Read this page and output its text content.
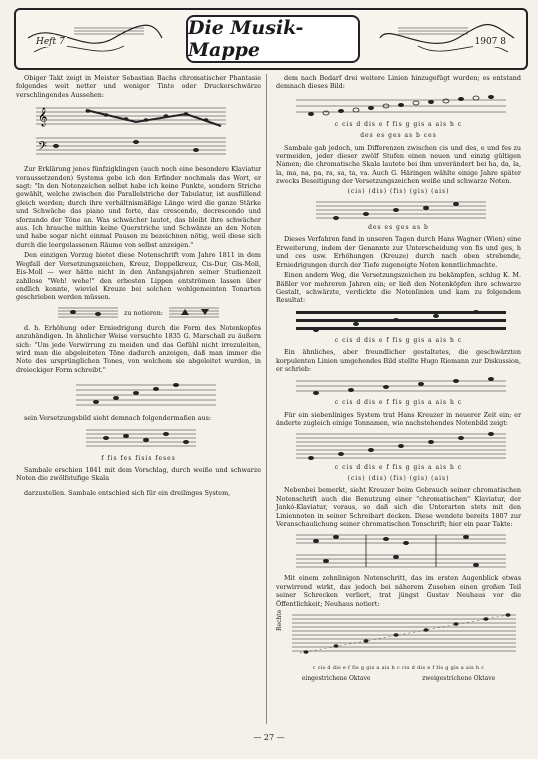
Heft 7
Die Musik-Mappe	1907 8

Obiger Takt zeigt in Meister Sebastian Bachs chromatischer Phantasie folgendes weit netter und weniger Tinte oder Druckerschwärze verschlingendes Aussehen:

𝄞
𝄢

Zur Erklärung jenes fünfzigklingen (auch noch eine besondere Klaviatur voraussetzenden) Systems gebe ich den Erfinder nochmals das Wort, er sagt: "In den Notenzeichen selbst habe ich keine Punkte, sondern Striche gewählt, welche zwischen die Parallelstriche der Tabulatur, ist ausfüllend gleich werden; durch ihre verhältnismäßige Länge wird die ganze Stärke und Schwäche das piano und forte, das crescendo, decrescendo und sforzando der Töne an. Was schwächer lautet, das bleibt ihre schwächer aus. Ich brauche mithin keine Querstriche und Schwänze an den Noten und habe sogar nicht einmal Pausen zu bezeichnen nötig, weil diese sich durch die leergelassenen Räume von selbst anzeigen."

Den einzigen Vorzug bietet diese Notenschrift vom Jahre 1811 in dem Wegfall der Versetzungszeichen, Kreuz, Doppelkreuz, Cis-Dur, Gis-Moll, Eis-Moll — wer hätte nicht in den Anfangsjahren seiner Studienzeit zahllose "Weh! wehe!" den erbosten Lippen entströmen lassen über endlich konnte, wieviel Kreuze bei solchen wohlgemeinten Tonarten geschrieben werden müssen.

zu notieren:

d. h. Erhöhung oder Erniedrigung durch die Form des Notenkopfes anzuhändigen. In ähnlicher Weise versuchte 1835 G. Marschall zu äußern sich: "Um jede Verwirrung zu meiden und das Gefühl nicht irrezuleiten, wird man die abgeleiteten Töne dadurch anzeigen, daß man immer die Note des ursprünglichen Tones, von welchem sie abgeleitet wurden, in dreieckiger Form schreibt."

sein Versetzungsbild sieht demnach folgendermaßen aus:

f fis fes fisis feses

Sambale erschien 1841 mit dem Vorschlag, durch weiße und schwarze Noten die zwölfstufige Skala

darzustellen. Sambale entschied sich für ein dreilinges System,

dem nach Bedarf drei weitere Linien hinzugefügt wurden; es entstand demnach dieses Bild:

c cis d dis e f fis g gis a ais h c
des es ges as b ces

Sambale gab jedoch, um Differenzen zwischen cis und des, e und fes zu vermeiden, jeder dieser zwölf Stufen einen neuen und einzig gültigen Namen; die chromatische Skala lautete bei ihm unverändert bei ha, da, la, la, ma, na, pa, ra, sa, ta, va. Auch G. Häringen wählte einige Jahre später zwecks Beseitigung der Versetzungszeichen weiße und schwarze Noten.

(cis) (dis) (fis) (gis) (ais)
des es ges as b

Dieses Verfahren fand in unseren Tagen durch Hans Wagner (Wien) eine Erweiterung, indem der Genannte zur Unterscheidung von fis und ges, h und ces usw. Erhöhungen (Kreuze) durch nach oben strebende, Erniedrigungen durch der Tiefe zugeneigte Noten kenntlichmachte.

Einen andern Weg, die Versetzungszeichen zu bekämpfen, schlug K. M. Bäßler vor mehreren Jahren ein; er ließ den Notenköpfen ihre schwarze Gestalt, schwärzte, verdickte die Notenlinien und kam zu folgendem Resultat:

c cis d dis e f fis g gis a ais h c

Ein ähnliches, aber freundlicher gestaltetes, die geschwärzten korpulenten Linien umgehendes Bild stellte Hugo Riemann zur Diskussion, er schrieb:

c cis d dis e f fis g gis a ais h c

Für ein siebenliniges System trat Hans Kreuzer in neuerer Zeit ein; er änderte zugleich einige Tonnamen, wie nachstehendes Notenbild zeigt:

c cis d dis e f fis g gis a ais h c
(cis) (dis) (fis) (gis) (ais)

Nebenbei bemerkt, sieht Kreuzer beim Gebrauch seiner chromatischen Notenschrift auch die Benutzung einer "chromatischen" Klaviatur, der Jankó-Klaviatur, voraus, so daß sich die Unterarten stets mit den Liniennoten in seiner Schreibart decken. Diese wendete bereits 1807 zur Veranschaulichung seiner chromatischen Tonschrift; hier ein paar Takte:

Mit einem zehnlinigen Notenschritt, das im ersten Augenblick etwas verwirrend wirkt, das jedoch bei näherem Zusehen einen großen Teil seiner Schrecken verliert, trat jüngst Gustav Neuhaus vor die Öffentlichkeit; Neuhaus notiert:

Rechte
c cis d dis e f fis g gis a ais h c cis d dis e f fis g gis a ais h c
eingestrichene Oktave	zweigestrichene Oktave
— 27 —
